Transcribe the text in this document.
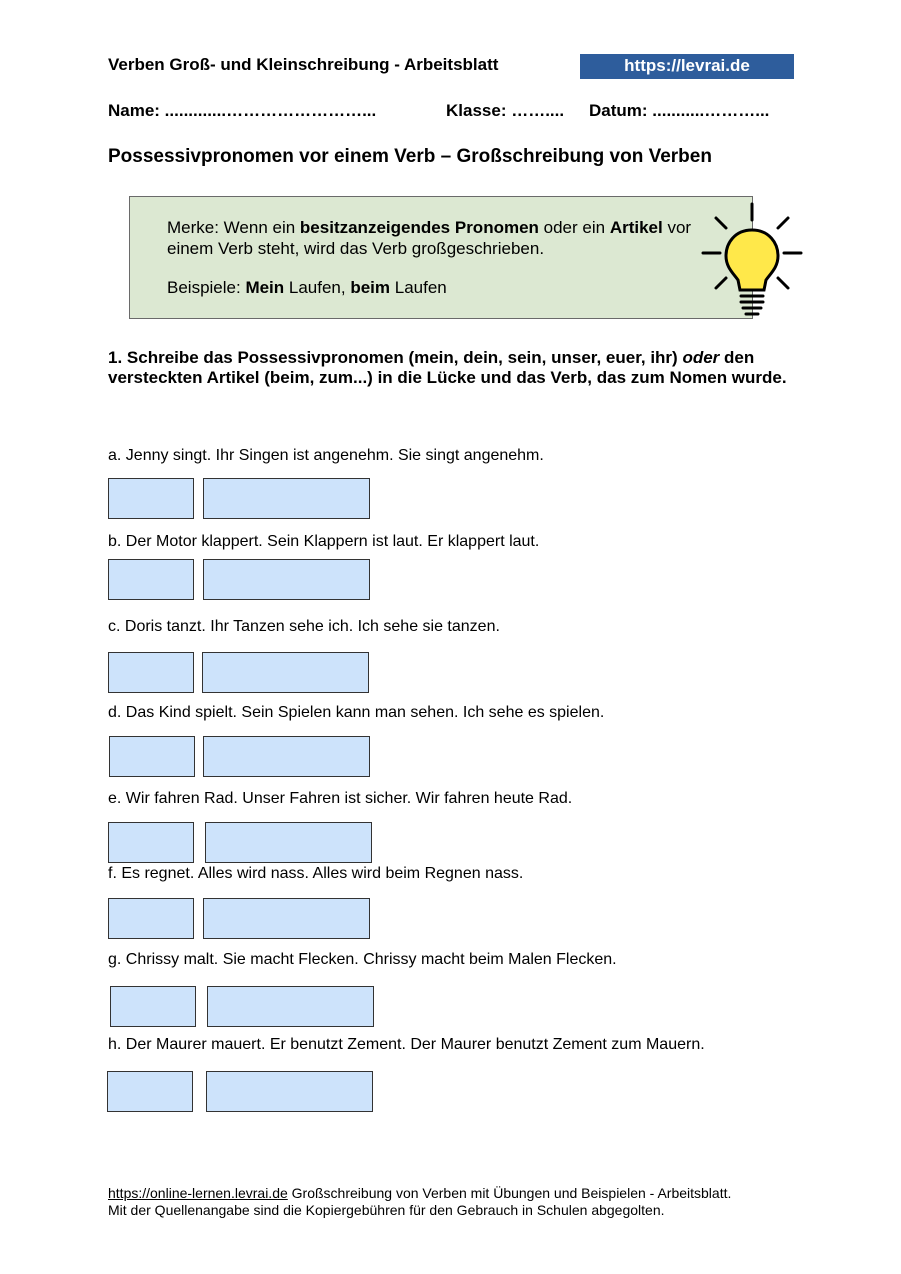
Verben Groß- und Kleinschreibung - Arbeitsblatt	https://levrai.de
Name: .............……………………...	Klasse: …….... Datum: ...........………...
Possessivpronomen vor einem Verb – Großschreibung von Verben
Merke: Wenn ein besitzanzeigendes Pronomen oder ein Artikel vor einem Verb steht, wird das Verb großgeschrieben.
Beispiele: Mein Laufen, beim Laufen
1. Schreibe das Possessivpronomen (mein, dein, sein, unser, euer, ihr) oder den versteckten Artikel (beim, zum...) in die Lücke und das Verb, das zum Nomen wurde.
a. Jenny singt. Ihr Singen ist angenehm. Sie singt angenehm.
b. Der Motor klappert. Sein Klappern ist laut. Er klappert laut.
c. Doris tanzt. Ihr Tanzen sehe ich. Ich sehe sie tanzen.
d. Das Kind spielt. Sein Spielen kann man sehen. Ich sehe es spielen.
e. Wir fahren Rad. Unser Fahren ist sicher. Wir fahren heute Rad.
f. Es regnet. Alles wird nass. Alles wird beim Regnen nass.
g. Chrissy malt. Sie macht Flecken. Chrissy macht beim Malen Flecken.
h. Der Maurer mauert. Er benutzt Zement. Der Maurer benutzt Zement zum Mauern.
https://online-lernen.levrai.de Großschreibung von Verben mit Übungen und Beispielen - Arbeitsblatt.
Mit der Quellenangabe sind die Kopiergebühren für den Gebrauch in Schulen abgegolten.
